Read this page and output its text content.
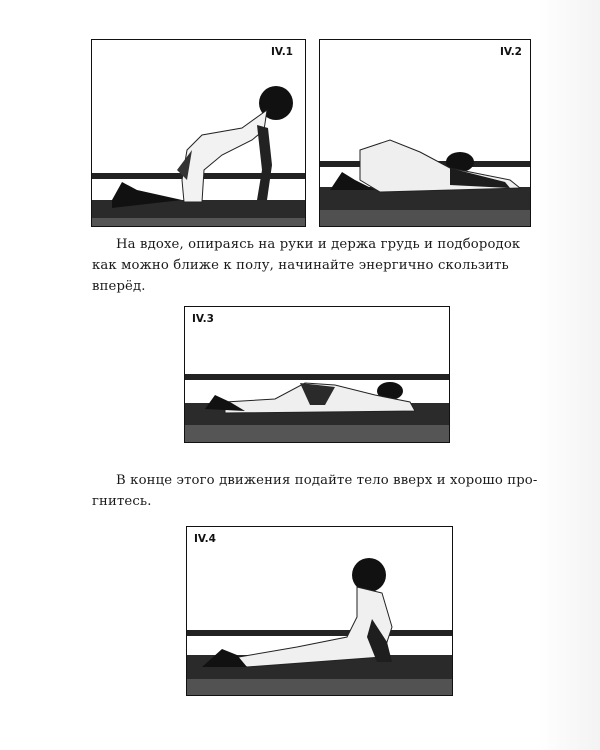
IV.1	IV.2

На вдохе, опираясь на руки и держа грудь и подбородок
как можно ближе к полу, начинайте энергично скользить
вперёд.

IV.3

В конце этого движения подайте тело вверх и хорошо про-
гнитесь.

IV.4
